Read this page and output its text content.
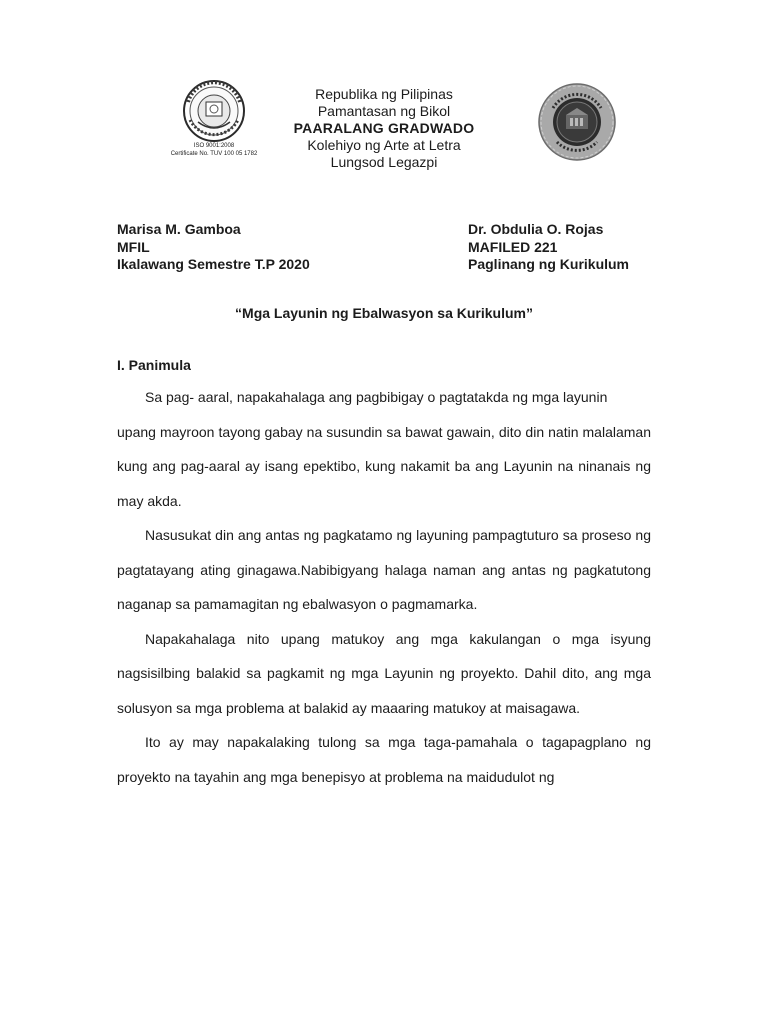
ISO 9001:2008
Certificate No. TUV 100 05 1782
Republika ng Pilipinas
Pamantasan ng Bikol
PAARALANG GRADWADO
Kolehiyo ng Arte at Letra
Lungsod Legazpi
Marisa M. Gamboa
MFIL
Ikalawang Semestre T.P 2020
Dr. Obdulia O. Rojas
MAFILED 221
Paglinang ng Kurikulum
“Mga Layunin ng Ebalwasyon sa Kurikulum”
I. Panimula

Sa pag- aaral, napakahalaga ang pagbibigay o pagtatakda ng mga layunin

upang mayroon tayong gabay na susundin sa bawat gawain, dito din natin malalaman kung ang pag-aaral ay isang epektibo, kung nakamit ba ang Layunin na ninanais ng may akda.

Nasusukat din ang antas ng pagkatamo ng layuning pampagtuturo sa proseso ng pagtatayang ating ginagawa.Nabibigyang halaga naman ang antas ng pagkatutong naganap sa pamamagitan ng ebalwasyon o pagmamarka.

Napakahalaga nito upang matukoy ang mga kakulangan o mga isyung nagsisilbing balakid sa pagkamit ng mga Layunin ng proyekto. Dahil dito, ang mga solusyon sa mga problema at balakid ay maaaring matukoy at maisagawa.

Ito ay may napakalaking tulong sa mga taga-pamahala o tagapagplano ng proyekto na tayahin ang mga benepisyo at problema na maidudulot ng
